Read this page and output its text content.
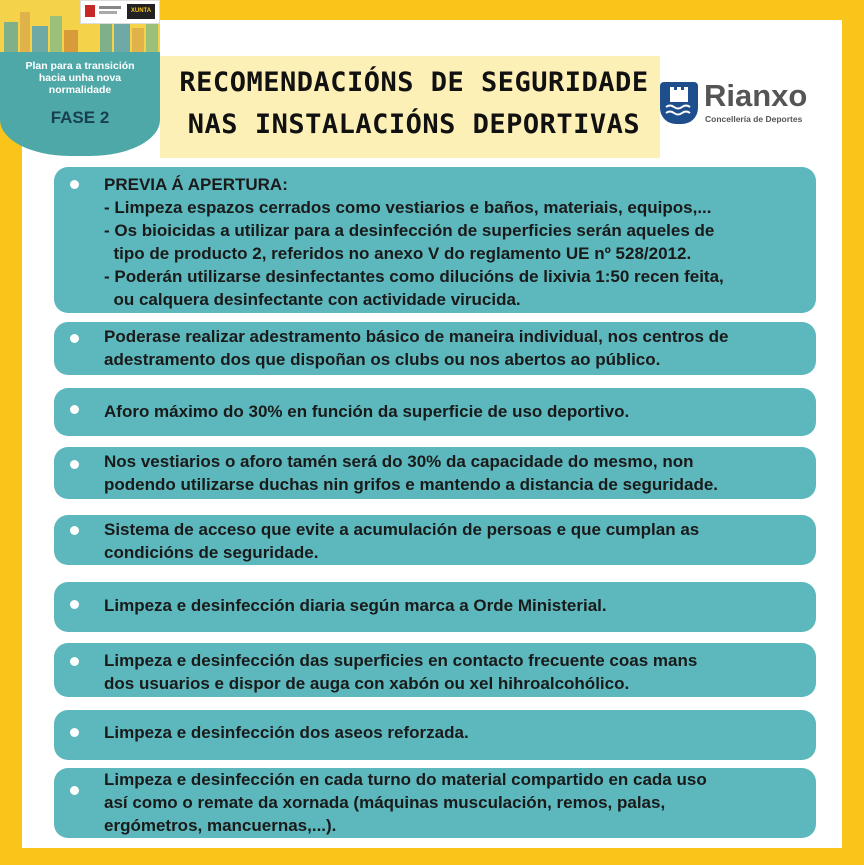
XUNTA
Plan para a transición hacia unha nova normalidade
FASE 2
RECOMENDACIÓNS DE SEGURIDADE
NAS INSTALACIÓNS DEPORTIVAS
Rianxo
Concellería de Deportes

PREVIA Á APERTURA:

- Limpeza espazos cerrados como vestiarios e baños, materiais, equipos,...

- Os bioicidas a utilizar para a desinfección de superficies serán aqueles de

tipo de producto 2, referidos no anexo V do reglamento UE nº 528/2012.

- Poderán utilizarse desinfectantes como dilucións de lixivia 1:50 recen feita,

ou calquera desinfectante con actividade virucida.

Poderase realizar adestramento básico de maneira individual, nos centros de

adestramento dos que dispoñan os clubs ou nos abertos ao público.

Aforo máximo do 30% en función da superficie de uso deportivo.

Nos vestiarios o aforo tamén será do 30% da capacidade do mesmo, non

podendo utilizarse duchas nin grifos e mantendo a distancia de seguridade.

Sistema de acceso que evite a acumulación de persoas e que cumplan as

condicións de seguridade.

Limpeza e desinfección diaria según marca a Orde Ministerial.

Limpeza e desinfección das superficies en contacto frecuente coas mans

dos usuarios e dispor de auga con xabón ou xel hihroalcohólico.

Limpeza e desinfección dos aseos reforzada.

Limpeza e desinfección en cada turno do material compartido en cada uso

así como o remate da xornada (máquinas musculación, remos, palas,

ergómetros, mancuernas,...).
